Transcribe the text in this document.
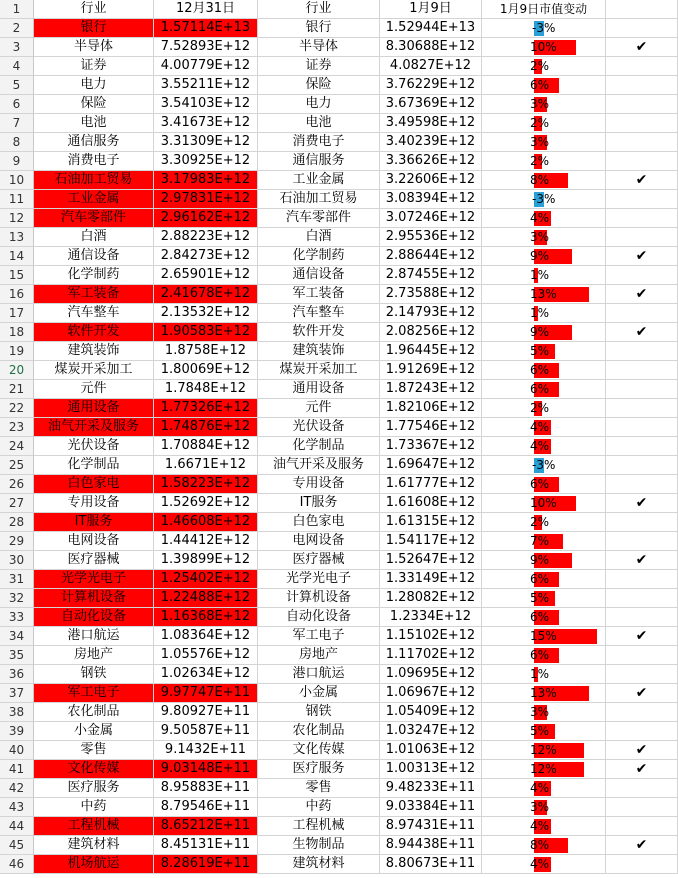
1	行业	12月31日	行业	1月9日	1月9日市值变动
2	银行	1.57114E+13	银行	1.52944E+13	-3%
3	半导体	7.52893E+12	半导体	8.30688E+12	10%	✔
4	证券	4.00779E+12	证券	4.0827E+12	2%
5	电力	3.55211E+12	保险	3.76229E+12	6%
6	保险	3.54103E+12	电力	3.67369E+12	3%
7	电池	3.41673E+12	电池	3.49598E+12	2%
8	通信服务	3.31309E+12	消费电子	3.40239E+12	3%
9	消费电子	3.30925E+12	通信服务	3.36626E+12	2%
10	石油加工贸易	3.17983E+12	工业金属	3.22606E+12	8%	✔
11	工业金属	2.97831E+12	石油加工贸易	3.08394E+12	-3%
12	汽车零部件	2.96162E+12	汽车零部件	3.07246E+12	4%
13	白酒	2.88223E+12	白酒	2.95536E+12	3%
14	通信设备	2.84273E+12	化学制药	2.88644E+12	9%	✔
15	化学制药	2.65901E+12	通信设备	2.87455E+12	1%
16	军工装备	2.41678E+12	军工装备	2.73588E+12	13%	✔
17	汽车整车	2.13532E+12	汽车整车	2.14793E+12	1%
18	软件开发	1.90583E+12	软件开发	2.08256E+12	9%	✔
19	建筑装饰	1.8758E+12	建筑装饰	1.96445E+12	5%
20	煤炭开采加工	1.80069E+12	煤炭开采加工	1.91269E+12	6%
21	元件	1.7848E+12	通用设备	1.87243E+12	6%
22	通用设备	1.77326E+12	元件	1.82106E+12	2%
23	油气开采及服务	1.74876E+12	光伏设备	1.77546E+12	4%
24	光伏设备	1.70884E+12	化学制品	1.73367E+12	4%
25	化学制品	1.6671E+12	油气开采及服务	1.69647E+12	-3%
26	白色家电	1.58223E+12	专用设备	1.61777E+12	6%
27	专用设备	1.52692E+12	IT服务	1.61608E+12	10%	✔
28	IT服务	1.46608E+12	白色家电	1.61315E+12	2%
29	电网设备	1.44412E+12	电网设备	1.54117E+12	7%
30	医疗器械	1.39899E+12	医疗器械	1.52647E+12	9%	✔
31	光学光电子	1.25402E+12	光学光电子	1.33149E+12	6%
32	计算机设备	1.22488E+12	计算机设备	1.28082E+12	5%
33	自动化设备	1.16368E+12	自动化设备	1.2334E+12	6%
34	港口航运	1.08364E+12	军工电子	1.15102E+12	15%	✔
35	房地产	1.05576E+12	房地产	1.11702E+12	6%
36	钢铁	1.02634E+12	港口航运	1.09695E+12	1%
37	军工电子	9.97747E+11	小金属	1.06967E+12	13%	✔
38	农化制品	9.80927E+11	钢铁	1.05409E+12	3%
39	小金属	9.50587E+11	农化制品	1.03247E+12	5%
40	零售	9.1432E+11	文化传媒	1.01063E+12	12%	✔
41	文化传媒	9.03148E+11	医疗服务	1.00313E+12	12%	✔
42	医疗服务	8.95883E+11	零售	9.48233E+11	4%
43	中药	8.79546E+11	中药	9.03384E+11	3%
44	工程机械	8.65212E+11	工程机械	8.97431E+11	4%
45	建筑材料	8.45131E+11	生物制品	8.94438E+11	8%	✔
46	机场航运	8.28619E+11	建筑材料	8.80673E+11	4%
